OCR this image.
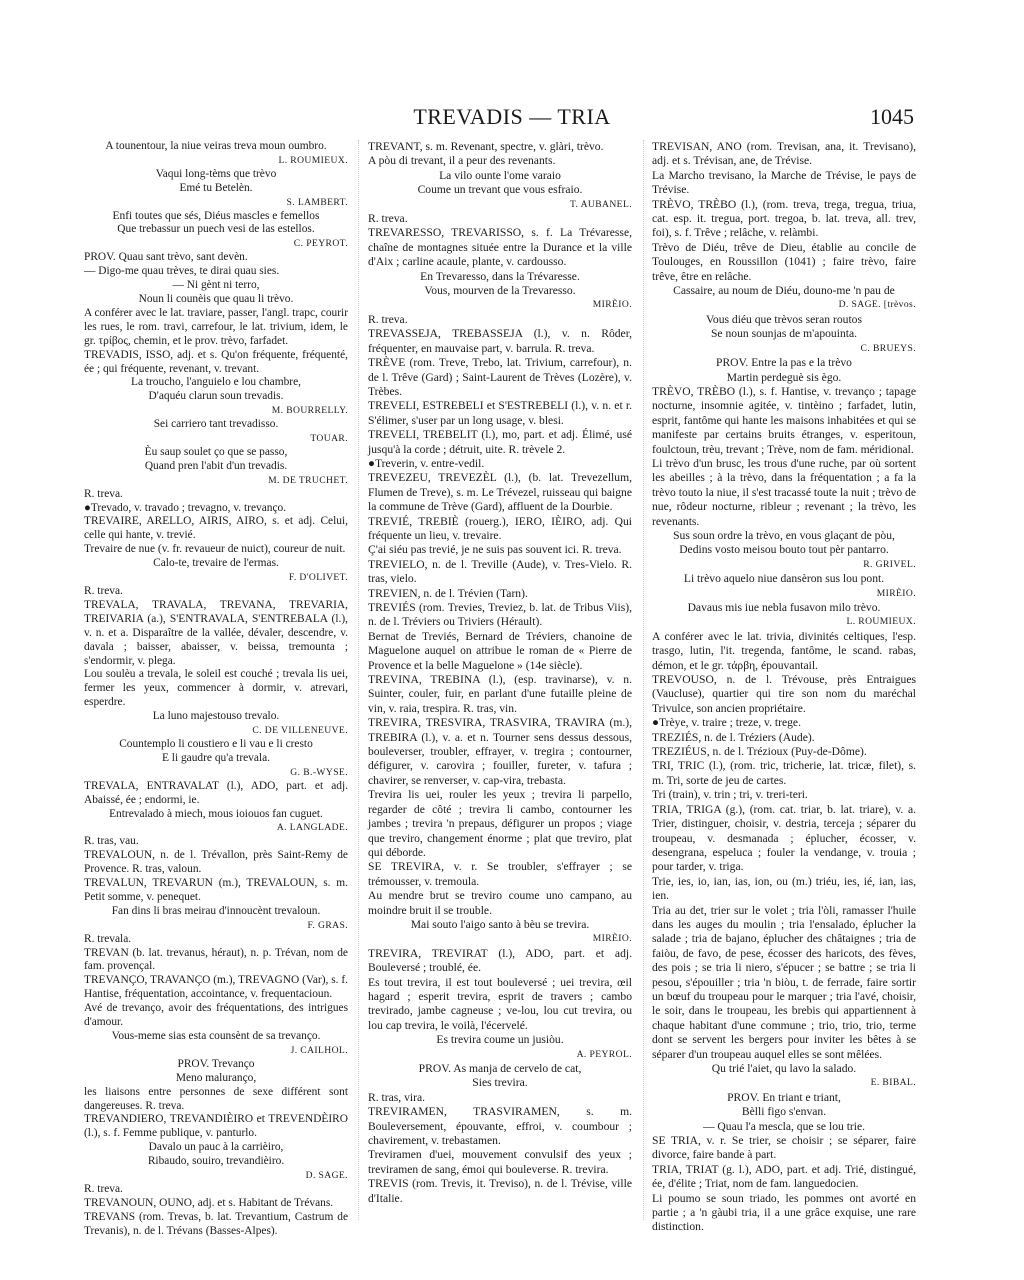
TREVADIS — TRIA	1045

A tounentour, la niue veiras treva moun oumbro.

L. ROUMIEUX.

Vaqui long-tèms que trèvo

Emé tu Betelèn.

S. LAMBERT.

Enfi toutes que sés, Diéus mascles e femellos

Que trebassur un puech vesi de las estellos.

C. PEYROT.

PROV. Quau sant trèvo, sant devèn.

— Digo-me quau trèves, te dirai quau sies.

— Ni gènt ni terro,

Noun li counèis que quau li trèvo.

A conférer avec le lat. traviare, passer, l'angl. trapc, courir les rues, le rom. travi, carrefour, le lat. trivium, idem, le gr. τρίβος, chemin, et le prov. trèvo, farfadet.

TREVADIS, ISSO, adj. et s. Qu'on fréquente, fréquenté, ée ; qui fréquente, revenant, v. trevant.

La troucho, l'anguielo e lou chambre,

D'aquéu clarun soun trevadis.

M. BOURRELLY.

Sei carriero tant trevadisso.

TOUAR.

Èu saup soulet ço que se passo,

Quand pren l'abit d'un trevadis.

M. DE TRUCHET.

R. treva.

●Trevado, v. travado ; trevagno, v. trevanço.

TREVAIRE, ARELLO, AIRIS, AIRO, s. et adj. Celui, celle qui hante, v. trevié.

Trevaire de nue (v. fr. revaueur de nuict), coureur de nuit.

Calo-te, trevaire de l'ermas.

F. D'OLIVET.

R. treva.

TREVALA, TRAVALA, TREVANA, TREVARIA, TREIVARIA (a.), S'ENTRAVALA, S'ENTREBALA (l.), v. n. et a. Disparaître de la vallée, dévaler, descendre, v. davala ; baisser, abaisser, v. beissa, tremounta ; s'endormir, v. plega.

Lou soulèu a trevala, le soleil est couché ; trevala lis uei, fermer les yeux, commencer à dormir, v. atrevari, esperdre.

La luno majestouso trevalo.

C. DE VILLENEUVE.

Countemplo li coustiero e li vau e li cresto

E li gaudre qu'a trevala.

G. B.-WYSE.

TREVALA, ENTRAVALAT (l.), ADO, part. et adj. Abaissé, ée ; endormi, ie.

Entrevalado à miech, mous ioiouos fan cuguet.

A. LANGLADE.

R. tras, vau.

TREVALOUN, n. de l. Trévallon, près Saint-Remy de Provence. R. tras, valoun.

TREVALUN, TREVARUN (m.), TREVALOUN, s. m. Petit somme, v. penequet.

Fan dins li bras meirau d'innoucènt trevaloun.

F. GRAS.

R. trevala.

TREVAN (b. lat. trevanus, héraut), n. p. Trévan, nom de fam. provençal.

TREVANÇO, TRAVANÇO (m.), TREVAGNO (Var), s. f. Hantise, fréquentation, accointance, v. frequentacioun.

Avé de trevanço, avoir des fréquentations, des intrigues d'amour.

Vous-meme sias esta counsènt de sa trevanço.

J. CAILHOL.

PROV. Trevanço

Meno maluranço,

les liaisons entre personnes de sexe différent sont dangereuses. R. treva.

TREVANDIERO, TREVANDIÈIRO et TREVENDÈIRO (l.), s. f. Femme publique, v. panturlo.

Davalo un pauc à la carrièiro,

Ribaudo, souiro, trevandièiro.

D. SAGE.

R. treva.

TREVANOUN, OUNO, adj. et s. Habitant de Trévans.

TREVANS (rom. Trevas, b. lat. Trevantium, Castrum de Trevanis), n. de l. Trévans (Basses-Alpes).

TREVANT, s. m. Revenant, spectre, v. glàri, trèvo.

A pòu di trevant, il a peur des revenants.

La vilo ounte l'ome varaio

Coume un trevant que vous esfraio.

T. AUBANEL.

R. treva.

TREVARESSO, TREVARISSO, s. f. La Trévaresse, chaîne de montagnes située entre la Durance et la ville d'Aix ; carline acaule, plante, v. cardousso.

En Trevaresso, dans la Trévaresse.

Vous, mourven de la Trevaresso.

MIRÈIO.

R. treva.

TREVASSEJA, TREBASSEJA (l.), v. n. Rôder, fréquenter, en mauvaise part, v. barrula. R. treva.

TRÈVE (rom. Treve, Trebo, lat. Trivium, carrefour), n. de l. Trêve (Gard) ; Saint-Laurent de Trèves (Lozère), v. Trèbes.

TREVELI, ESTREBELI et S'ESTREBELI (l.), v. n. et r. S'élimer, s'user par un long usage, v. blesi.

TREVELI, TREBELIT (l.), mo, part. et adj. Élimé, usé jusqu'à la corde ; détruit, uite. R. trèvele 2.

●Treverin, v. entre-vedil.

TREVEZEU, TREVEZÈL (l.), (b. lat. Trevezellum, Flumen de Treve), s. m. Le Trévezel, ruisseau qui baigne la commune de Trève (Gard), affluent de la Dourbie.

TREVIÉ, TREBIÈ (rouerg.), IERO, IÈIRO, adj. Qui fréquente un lieu, v. trevaire.

Ç'ai siéu pas trevié, je ne suis pas souvent ici. R. treva.

TREVIELO, n. de l. Treville (Aude), v. Tres-Vielo. R. tras, vielo.

TREVIEN, n. de l. Trévien (Tarn).

TREVIÉS (rom. Trevies, Treviez, b. lat. de Tribus Viis), n. de l. Tréviers ou Triviers (Hérault).

Bernat de Treviés, Bernard de Tréviers, chanoine de Maguelone auquel on attribue le roman de « Pierre de Provence et la belle Maguelone » (14e siècle).

TREVINA, TREBINA (l.), (esp. travinarse), v. n. Suinter, couler, fuir, en parlant d'une futaille pleine de vin, v. raia, trespira. R. tras, vin.

TREVIRA, TRESVIRA, TRASVIRA, TRAVIRA (m.), TREBIRA (l.), v. a. et n. Tourner sens dessus dessous, bouleverser, troubler, effrayer, v. tregira ; contourner, défigurer, v. carovira ; fouiller, fureter, v. tafura ; chavirer, se renverser, v. cap-vira, trebasta.

Trevira lis uei, rouler les yeux ; trevira li parpello, regarder de côté ; trevira li cambo, contourner les jambes ; trevira 'n prepaus, défigurer un propos ; viage que treviro, changement énorme ; plat que treviro, plat qui déborde.

SE TREVIRA, v. r. Se troubler, s'effrayer ; se trémousser, v. tremoula.

Au mendre brut se treviro coume uno campano, au moindre bruit il se trouble.

Mai souto l'aigo santo à bèu se trevira.

MIRÈIO.

TREVIRA, TREVIRAT (l.), ADO, part. et adj. Bouleversé ; troublé, ée.

Es tout trevira, il est tout bouleversé ; uei trevira, œil hagard ; esperit trevira, esprit de travers ; cambo trevirado, jambe cagneuse ; ve-lou, lou cut trevira, ou lou cap trevira, le voilà, l'écervelé.

Es trevira coume un jusiòu.

A. PEYROL.

PROV. As manja de cervelo de cat,

Sies trevira.

R. tras, vira.

TREVIRAMEN, TRASVIRAMEN, s. m. Bouleversement, épouvante, effroi, v. coumbour ; chavirement, v. trebastamen.

Treviramen d'uei, mouvement convulsif des yeux ; treviramen de sang, émoi qui bouleverse. R. trevira.

TREVIS (rom. Trevis, it. Treviso), n. de l. Trévise, ville d'Italie.

TREVISAN, ANO (rom. Trevisan, ana, it. Trevisano), adj. et s. Trévisan, ane, de Trévise.

La Marcho trevisano, la Marche de Trévise, le pays de Trévise.

TRÈVO, TRÈBO (l.), (rom. treva, trega, tregua, triua, cat. esp. it. tregua, port. tregoa, b. lat. treva, all. trev, foi), s. f. Trêve ; relâche, v. relàmbi.

Trèvo de Diéu, trêve de Dieu, établie au concile de Toulouges, en Roussillon (1041) ; faire trèvo, faire trêve, être en relâche.

Cassaire, au noum de Diéu, douno-me 'n pau de

D. SAGE. [trèvos.

Vous diéu que trèvos seran routos

Se noun sounjas de m'apouinta.

C. BRUEYS.

PROV. Entre la pas e la trèvo

Martin perdeguè sis ègo.

TRÈVO, TRÈBO (l.), s. f. Hantise, v. trevanço ; tapage nocturne, insomnie agitée, v. tintèino ; farfadet, lutin, esprit, fantôme qui hante les maisons inhabitées et qui se manifeste par certains bruits étranges, v. esperitoun, foulctoun, trèu, trevant ; Trève, nom de fam. méridional.

Li trèvo d'un brusc, les trous d'une ruche, par où sortent les abeilles ; à la trèvo, dans la fréquentation ; a fa la trèvo touto la niue, il s'est tracassé toute la nuit ; trèvo de nue, rôdeur nocturne, ribleur ; revenant ; la trèvo, les revenants.

Sus soun ordre la trèvo, en vous glaçant de pòu,

Dedins vosto meisou bouto tout pèr pantarro.

R. GRIVEL.

Li trèvo aquelo niue dansèron sus lou pont.

MIRÈIO.

Davaus mis iue nebla fusavon milo trèvo.

L. ROUMIEUX.

A conférer avec le lat. trivia, divinités celtiques, l'esp. trasgo, lutin, l'it. tregenda, fantôme, le scand. rabas, démon, et le gr. τάρβη, épouvantail.

TREVOUSO, n. de l. Trévouse, près Entraigues (Vaucluse), quartier qui tire son nom du maréchal Trivulce, son ancien propriétaire.

●Trèye, v. traire ; treze, v. trege.

TREZIÉS, n. de l. Tréziers (Aude).

TREZIÉUS, n. de l. Trézioux (Puy-de-Dôme).

TRI, TRIC (l.), (rom. tric, tricherie, lat. tricæ, filet), s. m. Tri, sorte de jeu de cartes.

Tri (train), v. trin ; tri, v. treri-teri.

TRIA, TRIGA (g.), (rom. cat. triar, b. lat. triare), v. a. Trier, distinguer, choisir, v. destria, terceja ; séparer du troupeau, v. desmanada ; éplucher, écosser, v. desengrana, espeluca ; fouler la vendange, v. trouia ; pour tarder, v. triga.

Trie, ies, io, ian, ias, ion, ou (m.) triéu, ies, ié, ian, ias, ien.

Tria au det, trier sur le volet ; tria l'òli, ramasser l'huile dans les auges du moulin ; tria l'ensalado, éplucher la salade ; tria de bajano, éplucher des châtaignes ; tria de faiòu, de favo, de pese, écosser des haricots, des fèves, des pois ; se tria li niero, s'épucer ; se battre ; se tria li pesou, s'épouiller ; tria 'n biòu, t. de ferrade, faire sortir un bœuf du troupeau pour le marquer ; tria l'avé, choisir, le soir, dans le troupeau, les brebis qui appartiennent à chaque habitant d'une commune ; trio, trio, trio, terme dont se servent les bergers pour inviter les bêtes à se séparer d'un troupeau auquel elles se sont mêlées.

Qu trié l'aiet, qu lavo la salado.

E. BIBAL.

PROV. En triant e triant,

Bèlli figo s'envan.

— Quau l'a mescla, que se lou trie.

SE TRIA, v. r. Se trier, se choisir ; se séparer, faire divorce, faire bande à part.

TRIA, TRIAT (g. l.), ADO, part. et adj. Trié, distingué, ée, d'élite ; Triat, nom de fam. languedocien.

Li poumo se soun triado, les pommes ont avorté en partie ; a 'n gàubi tria, il a une grâce exquise, une rare distinction.
